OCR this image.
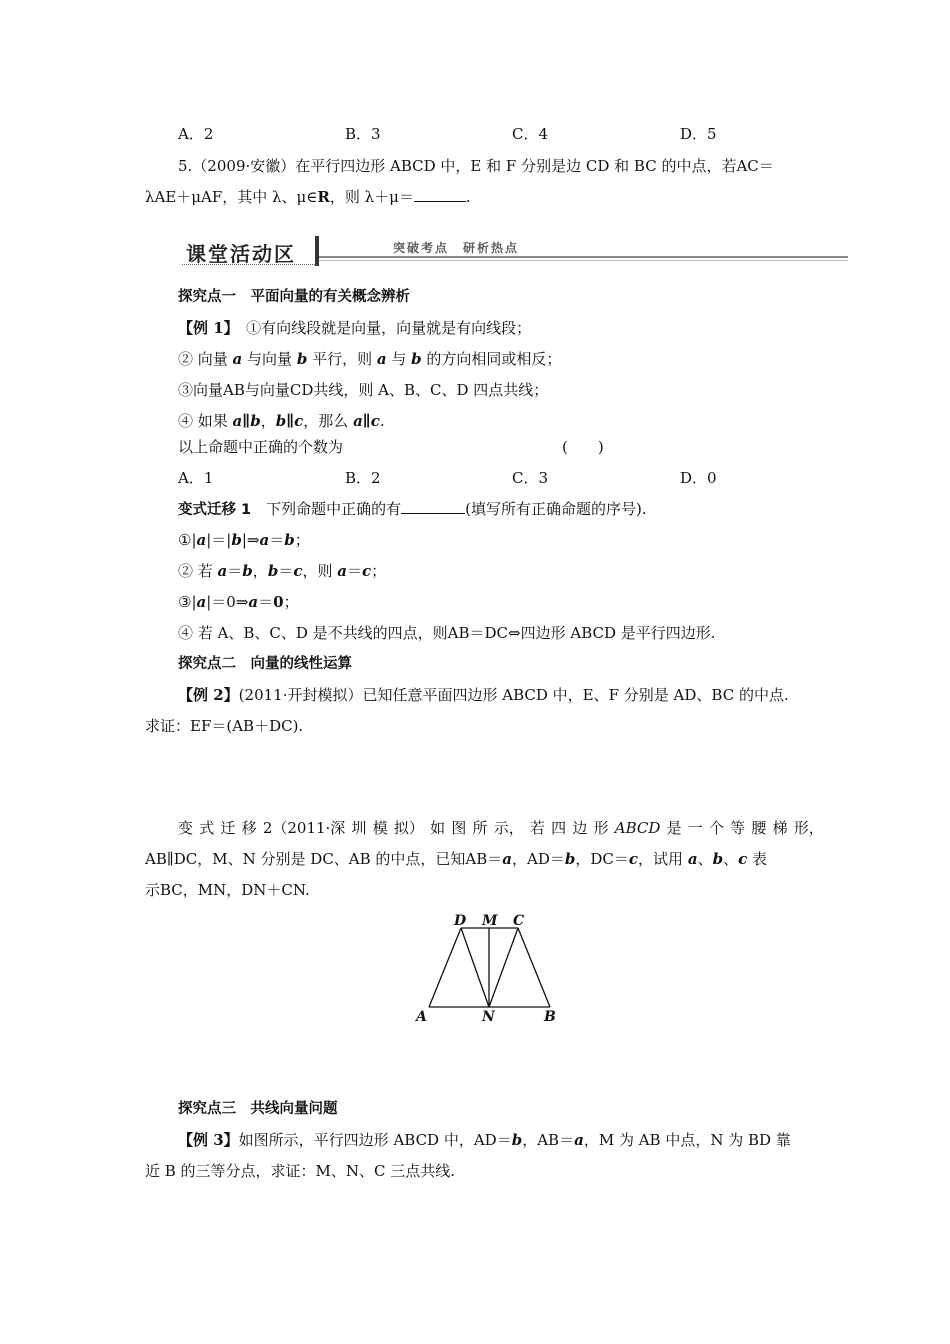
A．2	B．3	C．4	D．5
5.（2009·安徽）在平行四边形 ABCD 中，E 和 F 分别是边 CD 和 BC 的中点，若AC＝
λAE＋μAF，其中 λ、μ∈R，则 λ＋μ＝	.
课堂活动区	突破考点　研析热点
探究点一　平面向量的有关概念辨析
【例 1】　①有向线段就是向量，向量就是有向线段；
② 向量 a 与向量 b 平行，则 a 与 b 的方向相同或相反；
③向量AB与向量CD共线，则 A、B、C、D 四点共线；
④ 如果 a∥b，b∥c，那么 a∥c.
以上命题中正确的个数为	(　　)
A．1	B．2	C．3	D．0
变式迁移 1　下列命题中正确的有	(填写所有正确命题的序号).
①|a|＝|b|⇒a＝b；
② 若 a＝b，b＝c，则 a＝c；
③|a|＝0⇒a＝0；
④ 若 A、B、C、D 是不共线的四点，则AB＝DC⇔四边形 ABCD 是平行四边形.
探究点二　向量的线性运算
【例 2】(2011·开封模拟）已知任意平面四边形 ABCD 中，E、F 分别是 AD、BC 的中点.
求证：EF＝(AB＋DC).
变 式 迁 移 2（2011·深 圳 模 拟） 如 图 所 示， 若 四 边 形 ABCD 是 一 个 等 腰 梯 形，
AB∥DC，M、N 分别是 DC、AB 的中点，已知AB＝a，AD＝b，DC＝c，试用 a、b、c 表
示BC，MN，DN＋CN.
D M C
A	N	B
探究点三　共线向量问题
【例 3】如图所示，平行四边形 ABCD 中，AD＝b，AB＝a，M 为 AB 中点，N 为 BD 靠
近 B 的三等分点，求证：M、N、C 三点共线.
